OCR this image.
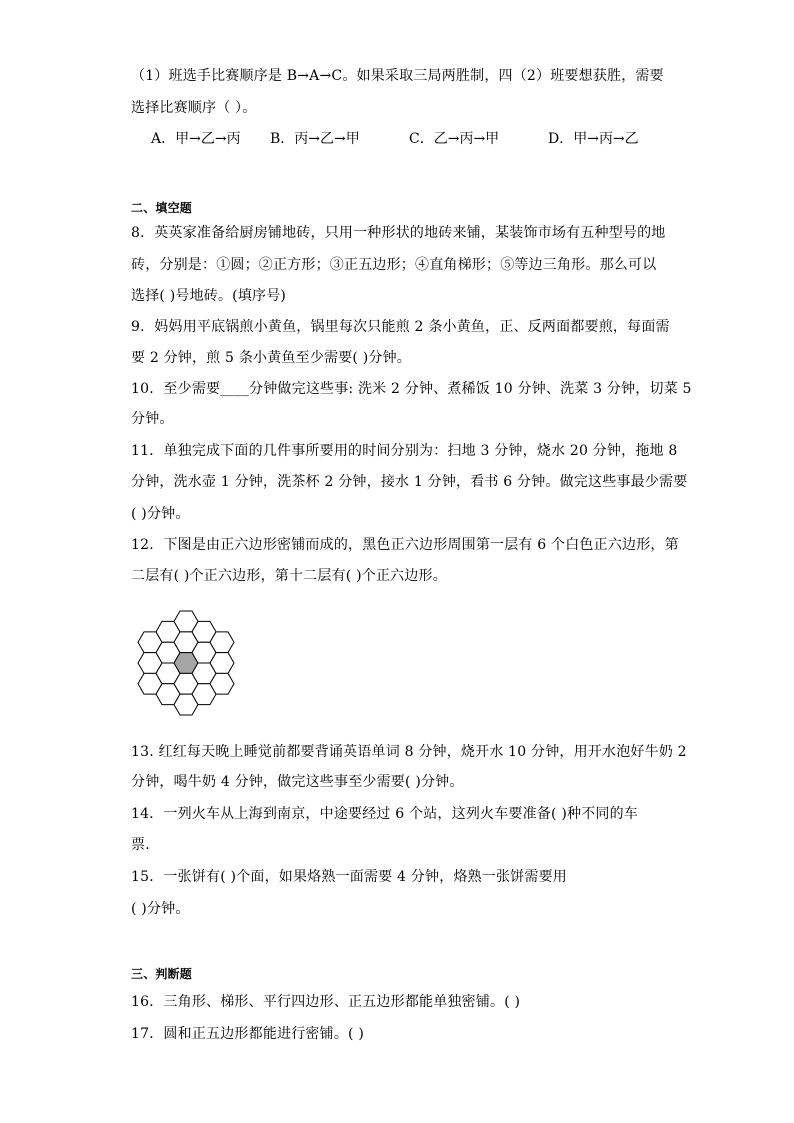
（1）班选手比赛顺序是 B→A→C。如果采取三局两胜制，四（2）班要想获胜，需要
选择比赛顺序（ ）。
A．甲→乙→丙 B．丙→乙→甲	C．乙→丙→甲	D．甲→丙→乙
二、填空题
8．英英家准备给厨房铺地砖，只用一种形状的地砖来铺，某装饰市场有五种型号的地
砖，分别是：①圆；②正方形；③正五边形；④直角梯形；⑤等边三角形。那么可以
选择( )号地砖。(填序号)
9．妈妈用平底锅煎小黄鱼，锅里每次只能煎 2 条小黄鱼，正、反两面都要煎，每面需
要 2 分钟，煎 5 条小黄鱼至少需要( )分钟。
10．至少需要____分钟做完这些事: 洗米 2 分钟、煮稀饭 10 分钟、洗菜 3 分钟，切菜 5
分钟。
11．单独完成下面的几件事所要用的时间分别为：扫地 3 分钟，烧水 20 分钟，拖地 8
分钟，洗水壶 1 分钟，洗茶杯 2 分钟，接水 1 分钟，看书 6 分钟。做完这些事最少需要
( )分钟。
12．下图是由正六边形密铺而成的，黑色正六边形周围第一层有 6 个白色正六边形，第
二层有( )个正六边形，第十二层有( )个正六边形。
13. 红红每天晚上睡觉前都要背诵英语单词 8 分钟，烧开水 10 分钟，用开水泡好牛奶 2
分钟，喝牛奶 4 分钟，做完这些事至少需要( )分钟。
14．一列火车从上海到南京，中途要经过 6 个站，这列火车要准备( )种不同的车
票.
15．一张饼有( )个面，如果烙熟一面需要 4 分钟，烙熟一张饼需要用
( )分钟。
三、判断题
16．三角形、梯形、平行四边形、正五边形都能单独密铺。( )
17．圆和正五边形都能进行密铺。( )
